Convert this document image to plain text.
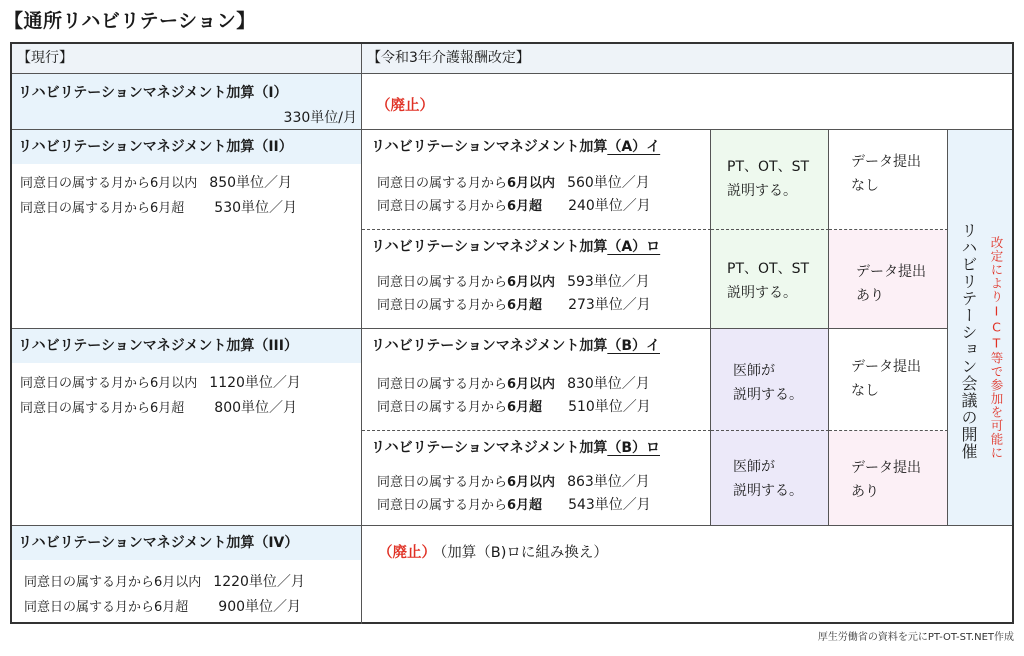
【通所リハビリテーション】
【現行】	【令和3年介護報酬改定】
リハビリテーションマネジメント加算（I）
330単位/月
（廃止）
リハビリテーションマネジメント加算（II）
同意日の属する月から6月以内 850単位／月
同意日の属する月から6月超 530単位／月
リハビリテーションマネジメント加算（A）イ
同意日の属する月から6月以内 560単位／月
同意日の属する月から6月超 240単位／月
PT、OT、ST
説明する。
データ提出
なし
リハビリテーションマネジメント加算（A）ロ
同意日の属する月から6月以内 593単位／月
同意日の属する月から6月超 273単位／月
PT、OT、ST
説明する。
データ提出
あり
リハビリテーションマネジメント加算（III）
同意日の属する月から6月以内 1120単位／月
同意日の属する月から6月超 800単位／月
リハビリテーションマネジメント加算（B）イ
同意日の属する月から6月以内 830単位／月
同意日の属する月から6月超 510単位／月
医師が
説明する。
データ提出
なし
リハビリテーションマネジメント加算（B）ロ
同意日の属する月から6月以内 863単位／月
同意日の属する月から6月超 543単位／月
医師が
説明する。
データ提出
あり
リハビリテーション会議の開催 改定によりICT等で参加を可能に
リハビリテーションマネジメント加算（IV）
同意日の属する月から6月以内 1220単位／月
同意日の属する月から6月超 900単位／月
（廃止） （加算（B)ロに組み換え）
厚生労働省の資料を元にPT-OT-ST.NET作成
